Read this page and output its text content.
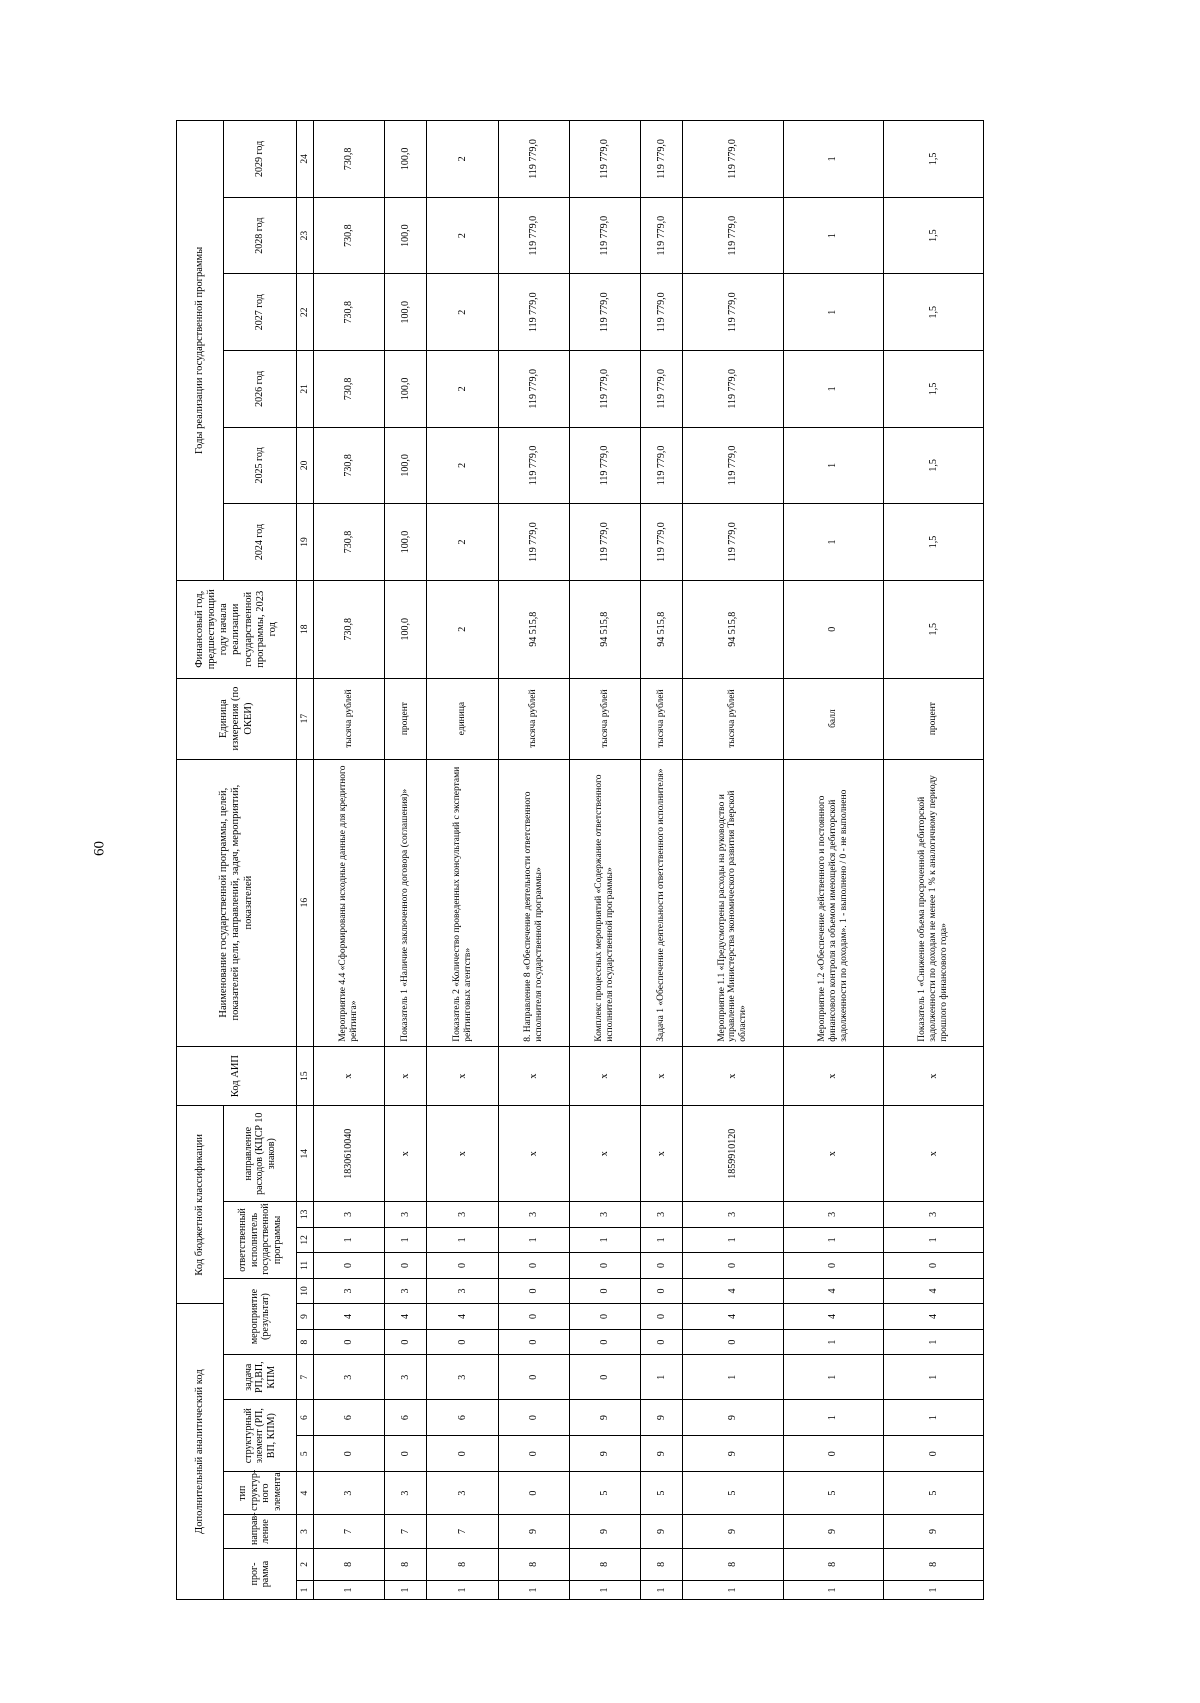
60
Дополнительный аналитический код									Код бюджетной классификации					Код АИП	Наименование государственной программы, целей, показателей цели, направлений, задач, мероприятий, показателей	Единица измерения (по ОКЕИ)	Финансовый год, предшествующий году начала реализации государственной программы, 2023 год	Годы реализации государственной программы					
прог- рамма		направ- ление	тип структур- ного элемента	структурный элемент (РП, ВП, КПМ)		задача РП,ВП, КПМ	мероприятие (результат)			ответственный исполнитель государственной программы			направление расходов (КЦСР 10 знаков)					2024 год	2025 год	2026 год	2027 год	2028 год	2029 год

1	2	3	4	5	6	7	8	9	10	11	12	13	14	15	16	17	18	19	20	21	22	23	24
1	8	7	3	0	6	3	0	4	3	0	1	3	1830610040	x	Мероприятие 4.4 «Сформированы исходные данные для кредитного рейтинга»	тысяча рублей	730,8	730,8	730,8	730,8	730,8	730,8	730,8
1	8	7	3	0	6	3	0	4	3	0	1	3	x	x	Показатель 1 «Наличие заключенного договора (соглашения)»	процент	100,0	100,0	100,0	100,0	100,0	100,0	100,0
1	8	7	3	0	6	3	0	4	3	0	1	3	x	x	Показатель 2 «Количество проведенных консультаций с экспертами рейтинговых агентств»	единица	2	2	2	2	2	2	2
1	8	9	0	0	0	0	0	0	0	0	1	3	x	x	8. Направление 8 «Обеспечение деятельности ответственного исполнителя государственной программы»	тысяча рублей	94 515,8	119 779,0	119 779,0	119 779,0	119 779,0	119 779,0	119 779,0
1	8	9	5	9	9	0	0	0	0	0	1	3	x	x	Комплекс процессных мероприятий «Содержание ответственного исполнителя государственной программы»	тысяча рублей	94 515,8	119 779,0	119 779,0	119 779,0	119 779,0	119 779,0	119 779,0
1	8	9	5	9	9	1	0	0	0	0	1	3	x	x	Задача 1 «Обеспечение деятельности ответственного исполнителя»	тысяча рублей	94 515,8	119 779,0	119 779,0	119 779,0	119 779,0	119 779,0	119 779,0
1	8	9	5	9	9	1	0	4	4	0	1	3	1859910120	x	Мероприятие 1.1 «Предусмотрены расходы на руководство и управление Министерства экономического развития Тверской области»	тысяча рублей	94 515,8	119 779,0	119 779,0	119 779,0	119 779,0	119 779,0	119 779,0
1	8	9	5	0	1	1	1	4	4	0	1	3	x	x	Мероприятие 1.2 «Обеспечение действенного и постоянного финансового контроля за объемом имеющейся дебиторской задолженности по доходам». 1 - выполнено / 0 - не выполнено	балл	0	1	1	1	1	1	1
1	8	9	5	0	1	1	1	4	4	0	1	3	x	x	Показатель 1 «Снижение объема просроченной дебиторской задолженности по доходам не менее 1 % к аналогичному периоду прошлого финансового года»	процент	1,5	1,5	1,5	1,5	1,5	1,5	1,5
